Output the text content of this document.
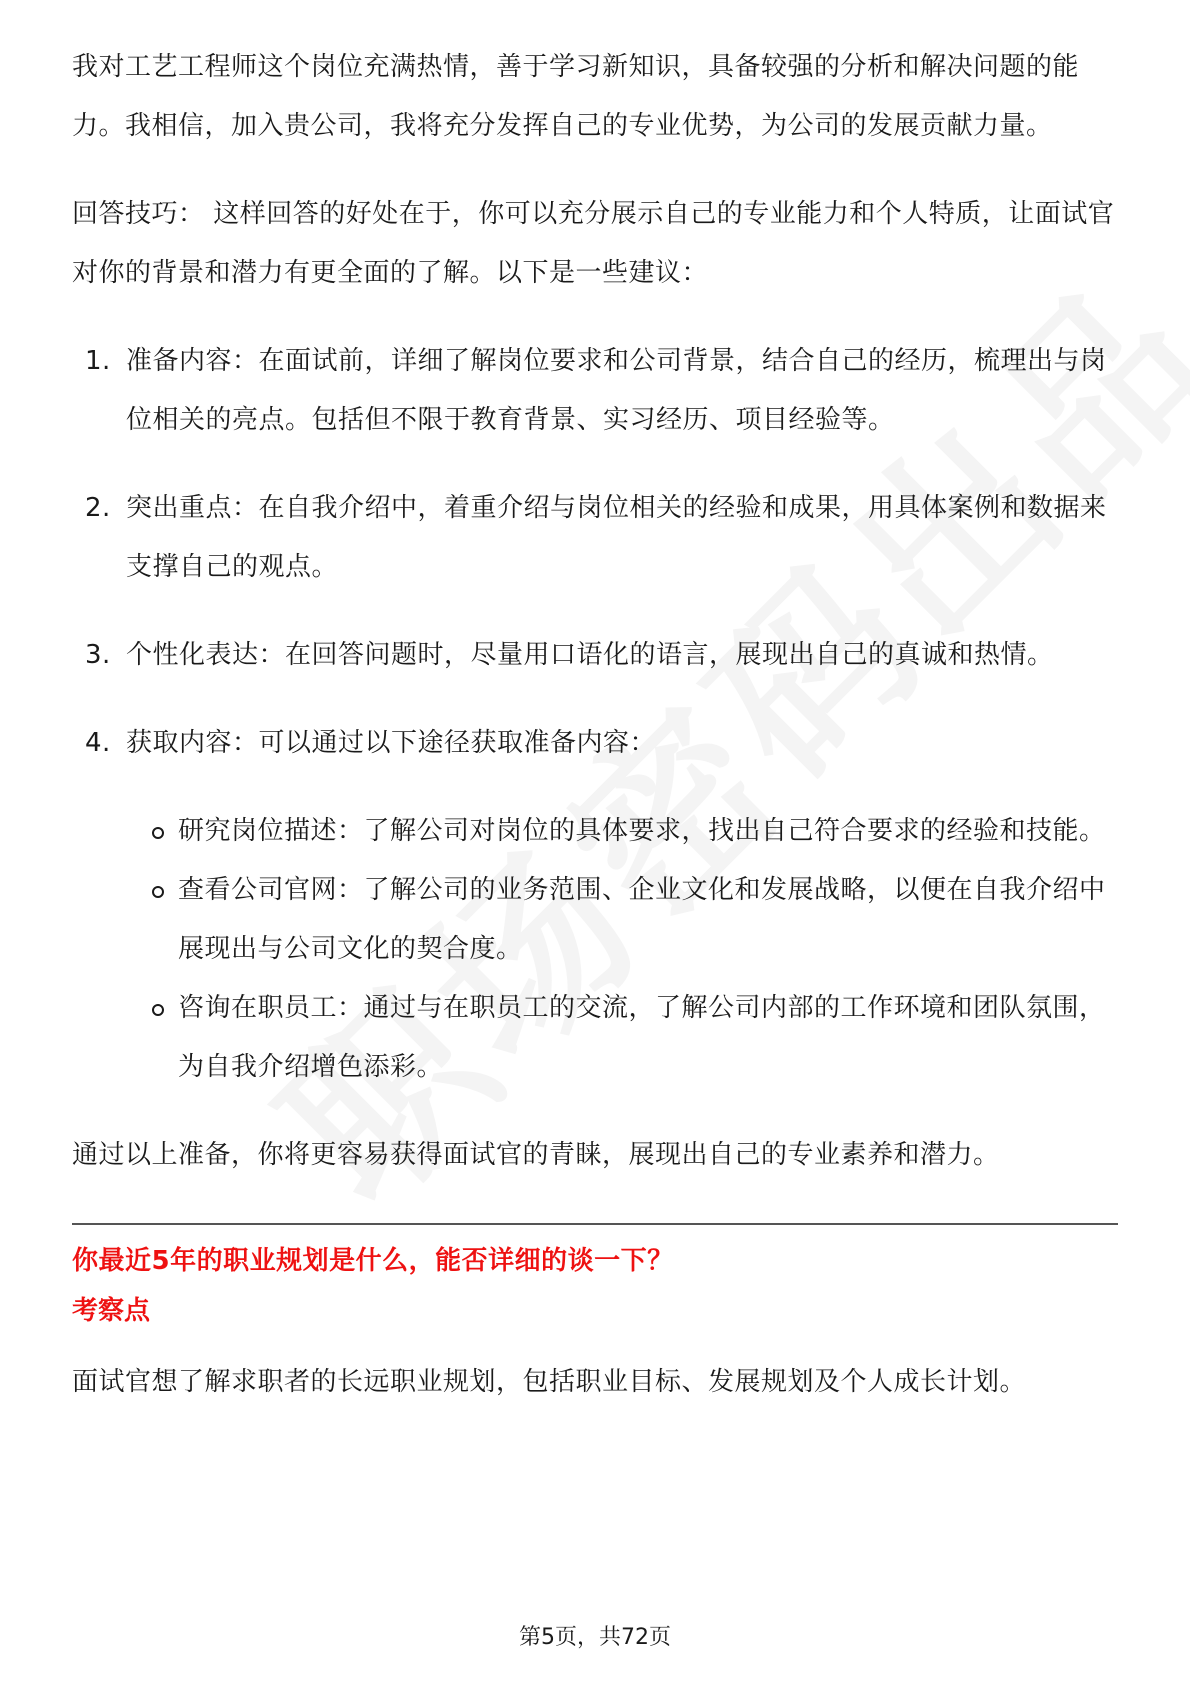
我对工艺工程师这个岗位充满热情，善于学习新知识，具备较强的分析和解决问题的能力。我相信，加入贵公司，我将充分发挥自己的专业优势，为公司的发展贡献力量。

回答技巧： 这样回答的好处在于，你可以充分展示自己的专业能力和个人特质，让面试官对你的背景和潜力有更全面的了解。以下是一些建议：

1. 准备内容：在面试前，详细了解岗位要求和公司背景，结合自己的经历，梳理出与岗位相关的亮点。包括但不限于教育背景、实习经历、项目经验等。
2. 突出重点：在自我介绍中，着重介绍与岗位相关的经验和成果，用具体案例和数据来支撑自己的观点。
3. 个性化表达：在回答问题时，尽量用口语化的语言，展现出自己的真诚和热情。
4. 获取内容：可以通过以下途径获取准备内容：
研究岗位描述：了解公司对岗位的具体要求，找出自己符合要求的经验和技能。
查看公司官网：了解公司的业务范围、企业文化和发展战略，以便在自我介绍中展现出与公司文化的契合度。
咨询在职员工：通过与在职员工的交流，了解公司内部的工作环境和团队氛围，为自我介绍增色添彩。

通过以上准备，你将更容易获得面试官的青睐，展现出自己的专业素养和潜力。

你最近5年的职业规划是什么，能否详细的谈一下？

考察点

面试官想了解求职者的长远职业规划，包括职业目标、发展规划及个人成长计划。

第5页，共72页
